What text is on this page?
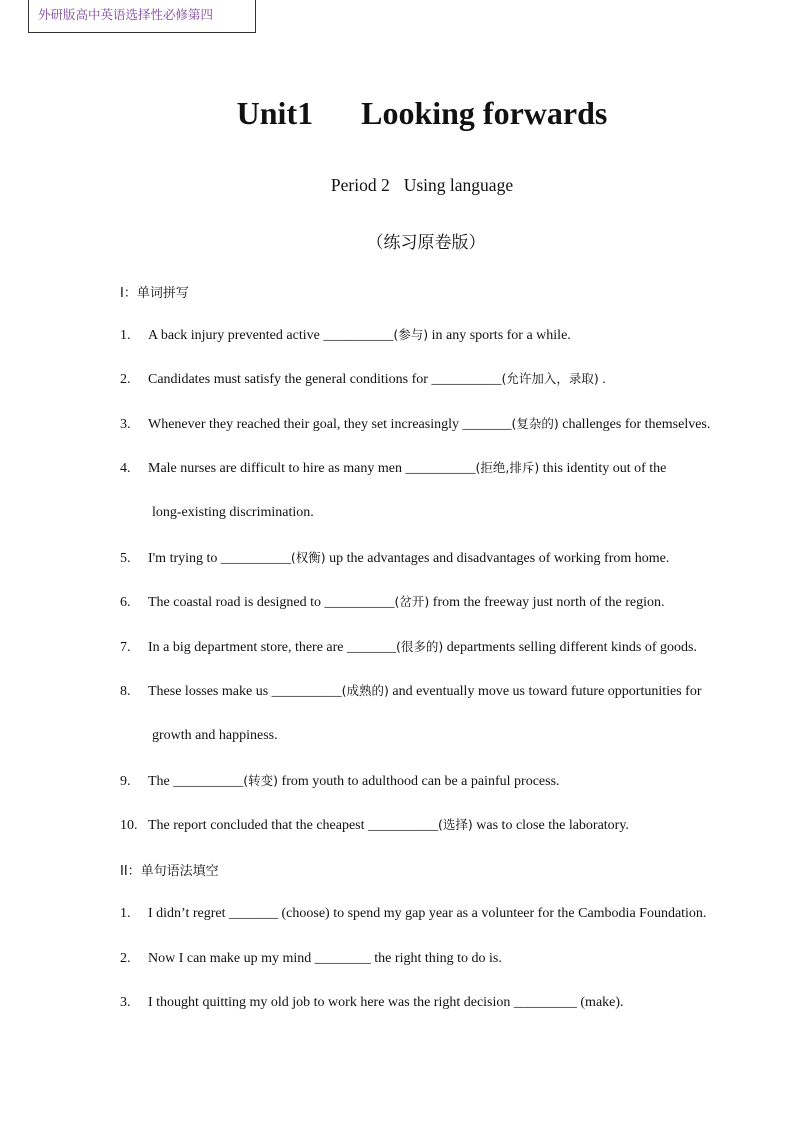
外研版高中英语选择性必修第四
Unit1 Looking forwards
Period 2 Using language
（练习原卷版）
I：单词拼写
1. A back injury prevented active __________(参与) in any sports for a while.
2. Candidates must satisfy the general conditions for __________(允许加入，录取) .
3. Whenever they reached their goal, they set increasingly _______(复杂的) challenges for themselves.
4. Male nurses are difficult to hire as many men __________(拒绝,排斥) this identity out of the
long-existing discrimination.
5. I'm trying to __________(权衡) up the advantages and disadvantages of working from home.
6. The coastal road is designed to __________(岔开) from the freeway just north of the region.
7. In a big department store, there are _______(很多的) departments selling different kinds of goods.
8. These losses make us __________(成熟的) and eventually move us toward future opportunities for
growth and happiness.
9. The __________(转变) from youth to adulthood can be a painful process.
10. The report concluded that the cheapest __________(选择) was to close the laboratory.
II：单句语法填空
1. I didn’t regret _______ (choose) to spend my gap year as a volunteer for the Cambodia Foundation.
2. Now I can make up my mind ________ the right thing to do is.
3. I thought quitting my old job to work here was the right decision _________ (make).
